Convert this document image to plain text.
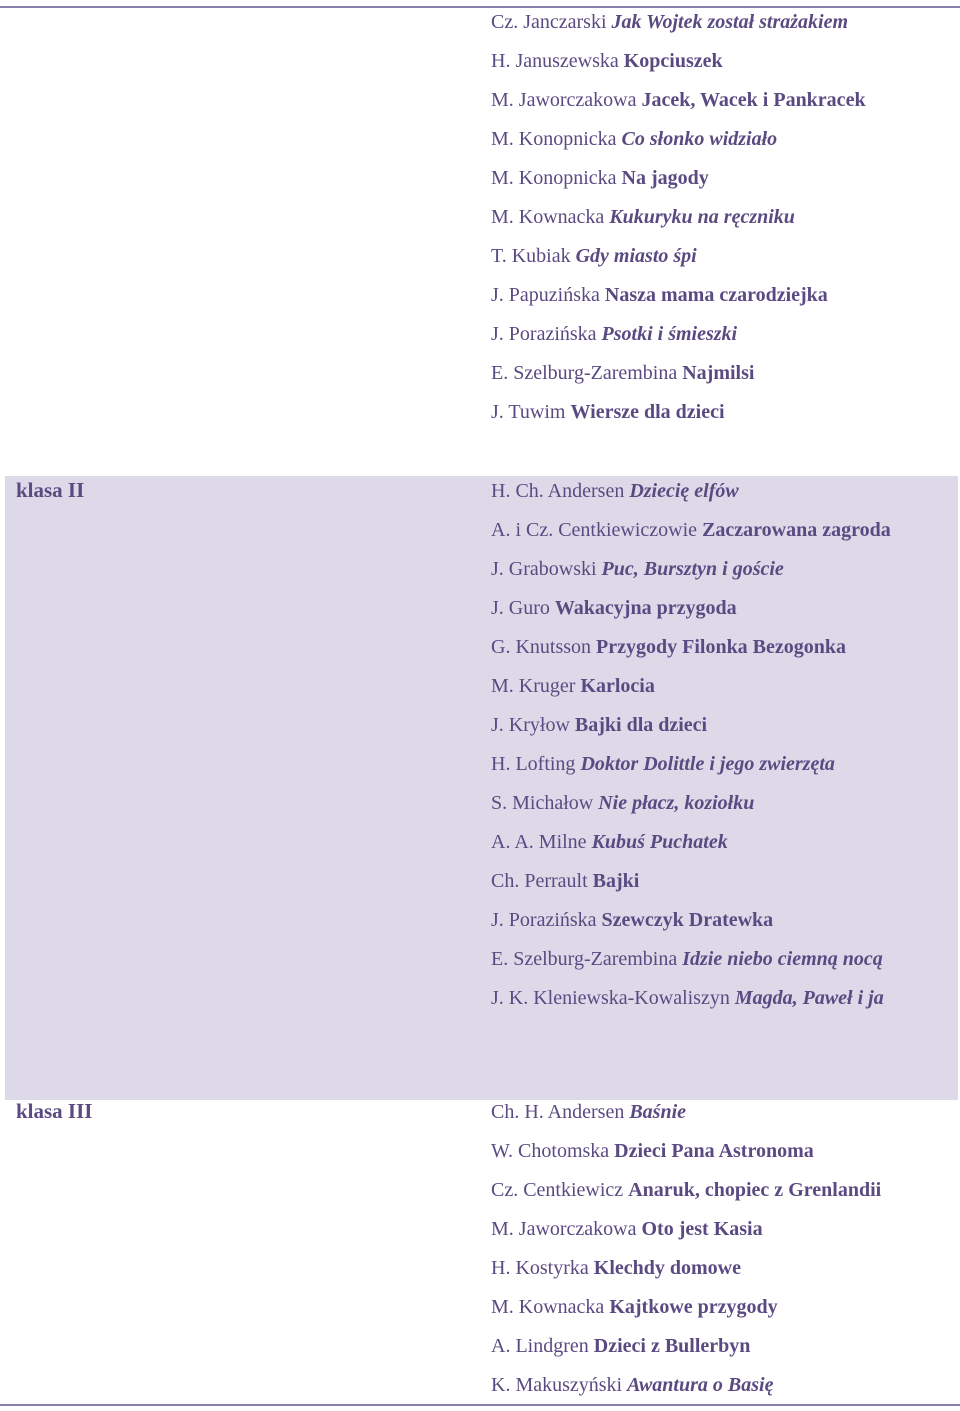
Cz. Janczarski Jak Wojtek został strażakiem
H. Januszewska Kopciuszek
M. Jaworczakowa Jacek, Wacek i Pankracek
M. Konopnicka Co słonko widziało
M. Konopnicka Na jagody
M. Kownacka Kukuryku na ręczniku
T. Kubiak Gdy miasto śpi
J. Papuzińska Nasza mama czarodziejka
J. Porazińska Psotki i śmieszki
E. Szelburg-Zarembina Najmilsi
J. Tuwim Wiersze dla dzieci
klasa II	H. Ch. Andersen Dziecię elfów
A. i Cz. Centkiewiczowie Zaczarowana zagroda
J. Grabowski Puc, Bursztyn i goście
J. Guro Wakacyjna przygoda
G. Knutsson Przygody Filonka Bezogonka
M. Kruger Karlocia
J. Kryłow Bajki dla dzieci
H. Lofting Doktor Dolittle i jego zwierzęta
S. Michałow Nie płacz, koziołku
A. A. Milne Kubuś Puchatek
Ch. Perrault Bajki
J. Porazińska Szewczyk Dratewka
E. Szelburg-Zarembina Idzie niebo ciemną nocą
J. K. Kleniewska-Kowaliszyn Magda, Paweł i ja
klasa III	Ch. H. Andersen Baśnie
W. Chotomska Dzieci Pana Astronoma
Cz. Centkiewicz Anaruk, chopiec z Grenlandii
M. Jaworczakowa Oto jest Kasia
H. Kostyrka Klechdy domowe
M. Kownacka Kajtkowe przygody
A. Lindgren Dzieci z Bullerbyn
K. Makuszyński Awantura o Basię
